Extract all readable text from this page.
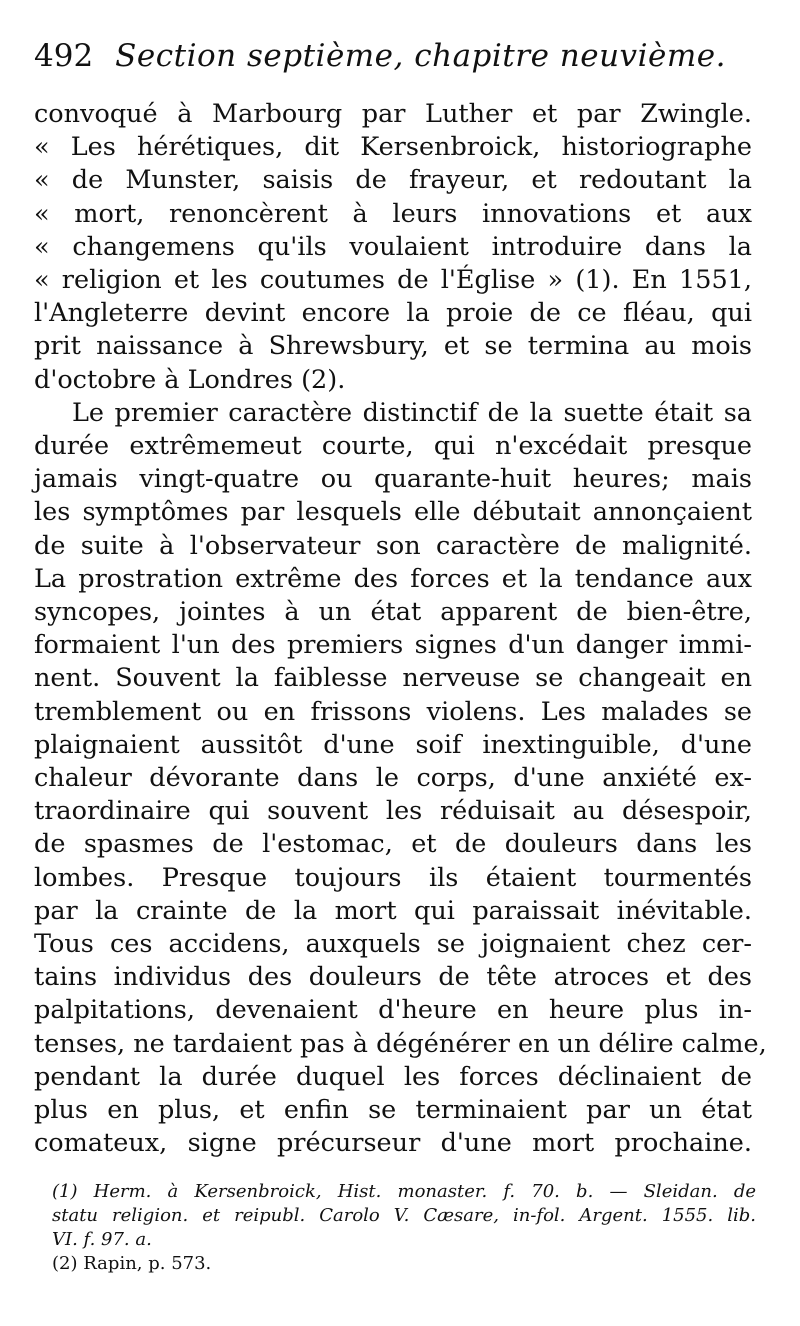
492 Section septième, chapitre neuvième.
convoqué à Marbourg par Luther et par Zwingle.
« Les hérétiques, dit Kersenbroick, historiographe
« de Munster, saisis de frayeur, et redoutant la
« mort, renoncèrent à leurs innovations et aux
« changemens qu'ils voulaient introduire dans la
« religion et les coutumes de l'Église » (1). En 1551,
l'Angleterre devint encore la proie de ce fléau, qui
prit naissance à Shrewsbury, et se termina au mois
d'octobre à Londres (2).
Le premier caractère distinctif de la suette était sa
durée extrêmemeut courte, qui n'excédait presque
jamais vingt-quatre ou quarante-huit heures; mais
les symptômes par lesquels elle débutait annonçaient
de suite à l'observateur son caractère de malignité.
La prostration extrême des forces et la tendance aux
syncopes, jointes à un état apparent de bien-être,
formaient l'un des premiers signes d'un danger immi-
nent. Souvent la faiblesse nerveuse se changeait en
tremblement ou en frissons violens. Les malades se
plaignaient aussitôt d'une soif inextinguible, d'une
chaleur dévorante dans le corps, d'une anxiété ex-
traordinaire qui souvent les réduisait au désespoir,
de spasmes de l'estomac, et de douleurs dans les
lombes. Presque toujours ils étaient tourmentés
par la crainte de la mort qui paraissait inévitable.
Tous ces accidens, auxquels se joignaient chez cer-
tains individus des douleurs de tête atroces et des
palpitations, devenaient d'heure en heure plus in-
tenses, ne tardaient pas à dégénérer en un délire calme,
pendant la durée duquel les forces déclinaient de
plus en plus, et enfin se terminaient par un état
comateux, signe précurseur d'une mort prochaine.
(1) Herm. à Kersenbroick, Hist. monaster. f. 70. b. — Sleidan. de
statu religion. et reipubl. Carolo V. Cæsare, in-fol. Argent. 1555. lib.
VI. f. 97. a.
(2) Rapin, p. 573.
